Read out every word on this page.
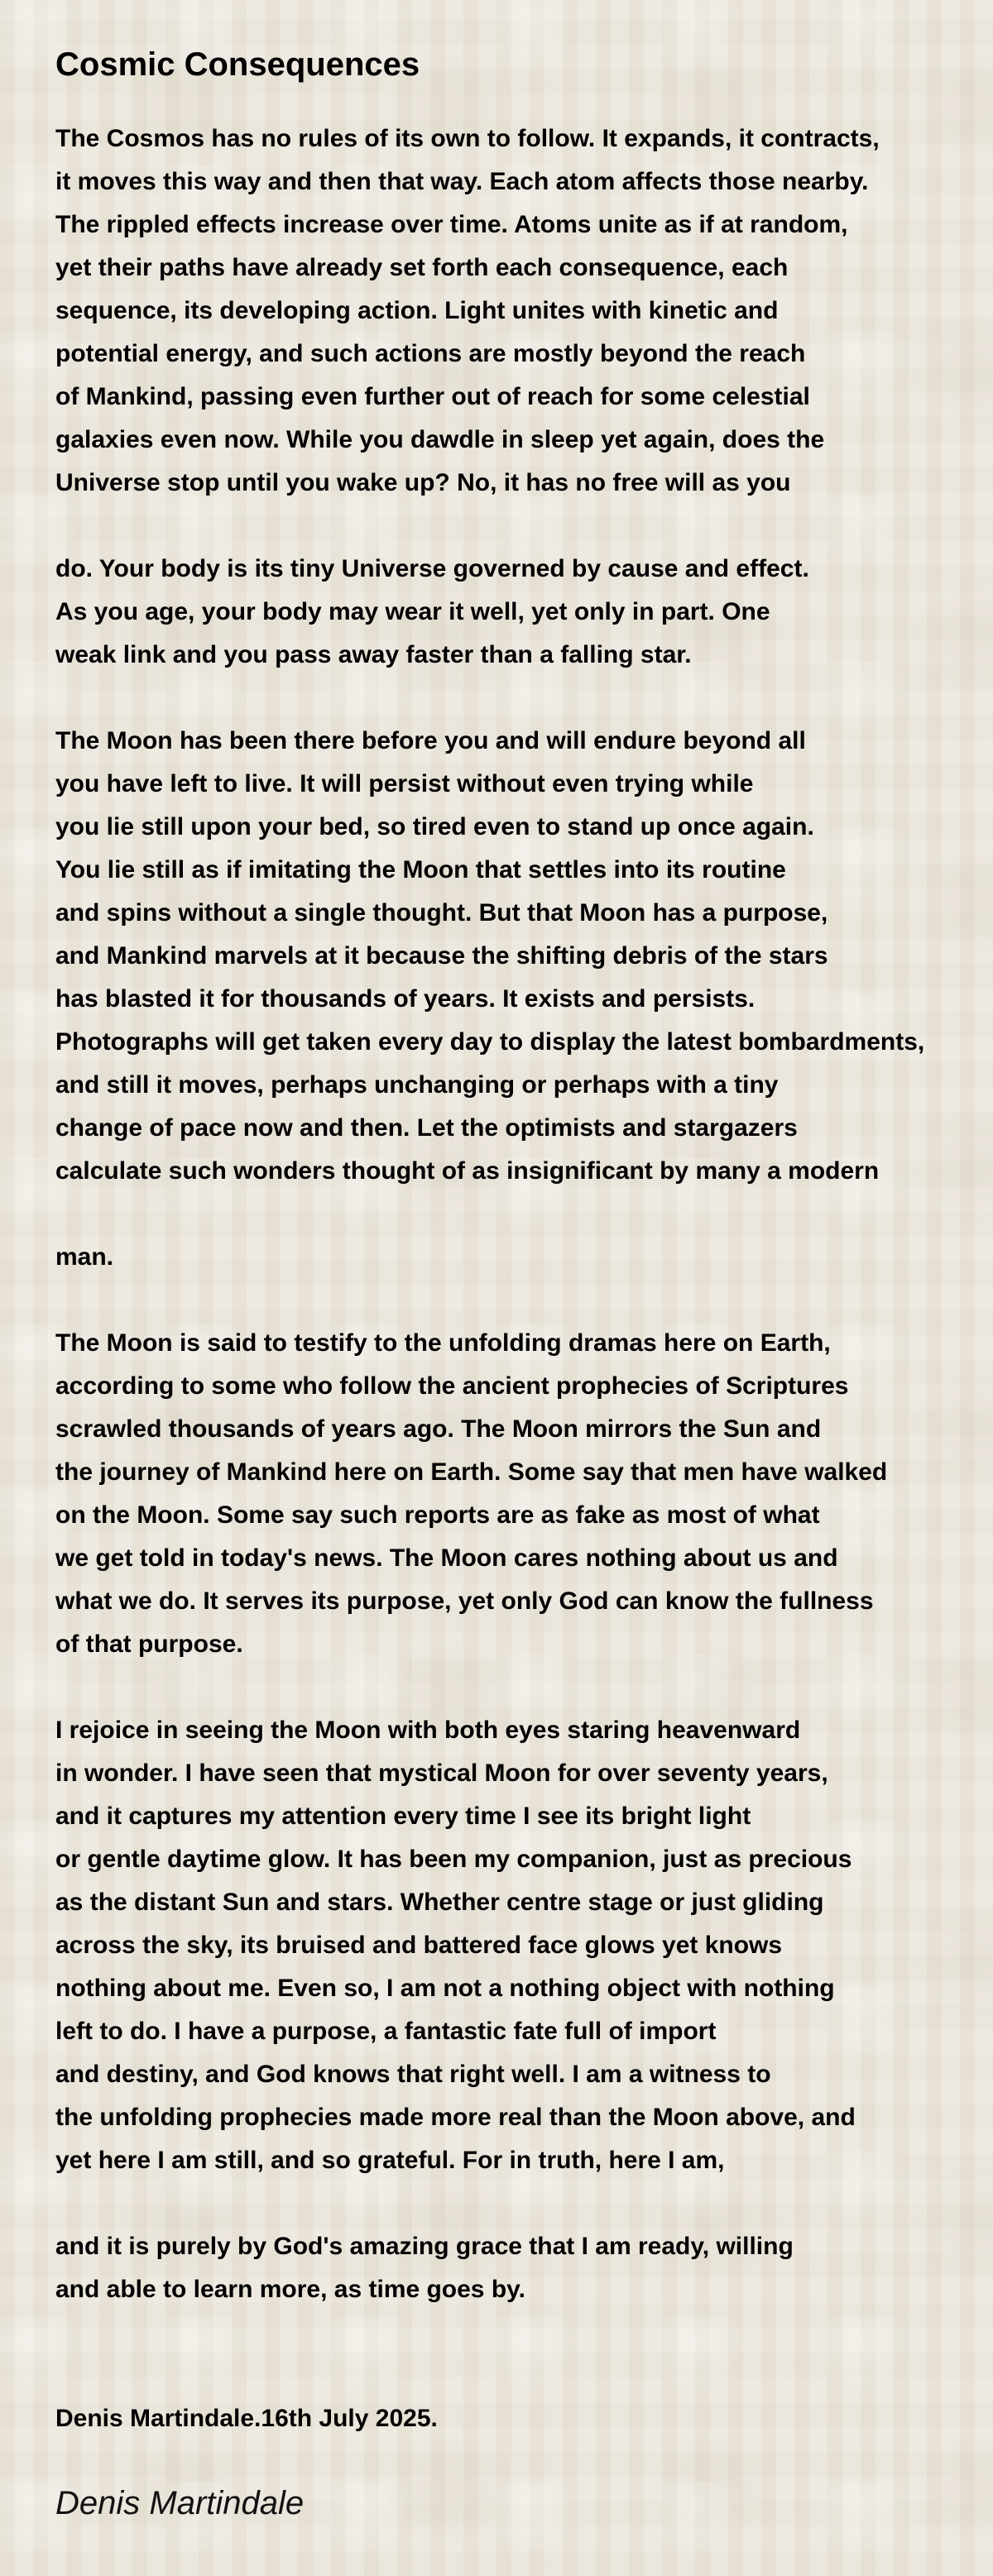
Cosmic Consequences
The Cosmos has no rules of its own to follow. It expands, it contracts,
it moves this way and then that way. Each atom affects those nearby.
The rippled effects increase over time. Atoms unite as if at random,
yet their paths have already set forth each consequence, each
sequence, its developing action. Light unites with kinetic and
potential energy, and such actions are mostly beyond the reach
of Mankind, passing even further out of reach for some celestial
galaxies even now. While you dawdle in sleep yet again, does the
Universe stop until you wake up? No, it has no free will as you
do. Your body is its tiny Universe governed by cause and effect.
As you age, your body may wear it well, yet only in part. One
weak link and you pass away faster than a falling star.
The Moon has been there before you and will endure beyond all
you have left to live. It will persist without even trying while
you lie still upon your bed, so tired even to stand up once again.
You lie still as if imitating the Moon that settles into its routine
and spins without a single thought. But that Moon has a purpose,
and Mankind marvels at it because the shifting debris of the stars
has blasted it for thousands of years. It exists and persists.
Photographs will get taken every day to display the latest bombardments,
and still it moves, perhaps unchanging or perhaps with a tiny
change of pace now and then. Let the optimists and stargazers
calculate such wonders thought of as insignificant by many a modern
man.
The Moon is said to testify to the unfolding dramas here on Earth,
according to some who follow the ancient prophecies of Scriptures
scrawled thousands of years ago. The Moon mirrors the Sun and
the journey of Mankind here on Earth. Some say that men have walked
on the Moon. Some say such reports are as fake as most of what
we get told in today's news. The Moon cares nothing about us and
what we do. It serves its purpose, yet only God can know the fullness
of that purpose.
I rejoice in seeing the Moon with both eyes staring heavenward
in wonder. I have seen that mystical Moon for over seventy years,
and it captures my attention every time I see its bright light
or gentle daytime glow. It has been my companion, just as precious
as the distant Sun and stars. Whether centre stage or just gliding
across the sky, its bruised and battered face glows yet knows
nothing about me. Even so, I am not a nothing object with nothing
left to do. I have a purpose, a fantastic fate full of import
and destiny, and God knows that right well. I am a witness to
the unfolding prophecies made more real than the Moon above, and
yet here I am still, and so grateful. For in truth, here I am,
and it is purely by God's amazing grace that I am ready, willing
and able to learn more, as time goes by.
Denis Martindale.16th July 2025.
Denis Martindale
